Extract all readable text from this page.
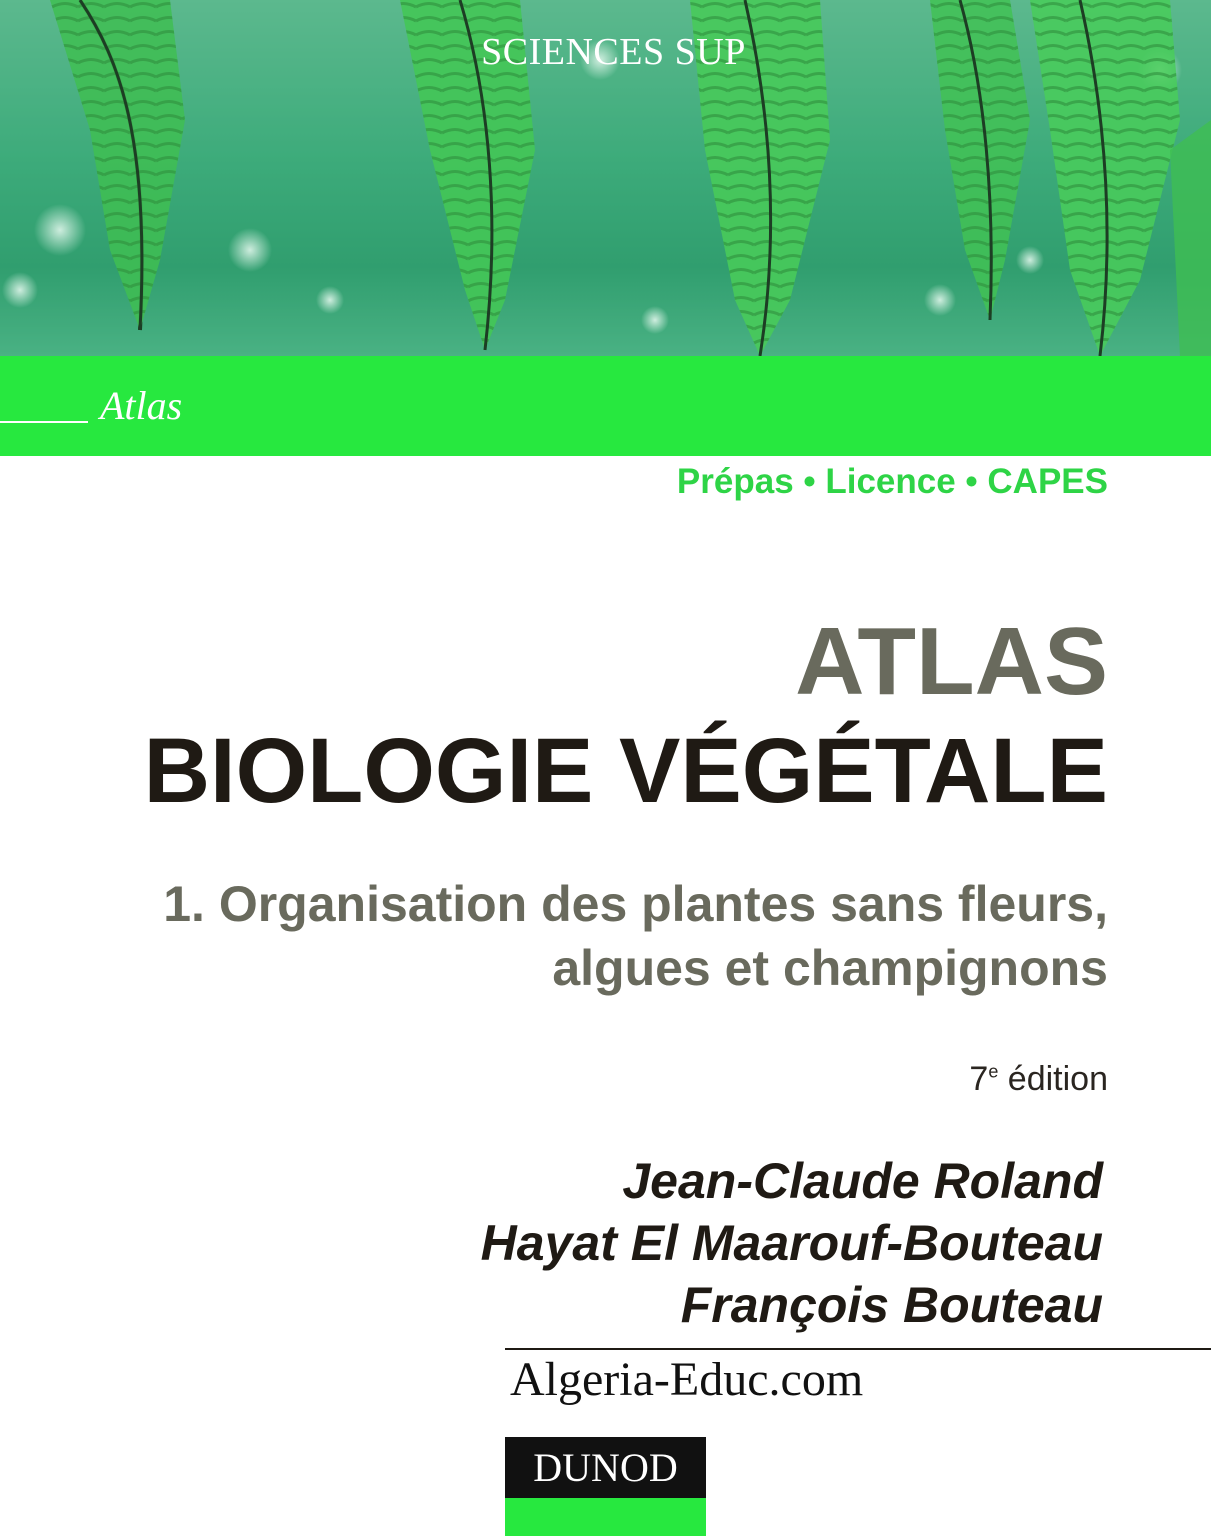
SCIENCES SUP
Atlas
Prépas • Licence • CAPES
ATLAS
BIOLOGIE VÉGÉTALE
1. Organisation des plantes sans fleurs,
algues et champignons
7e édition
Jean-Claude Roland
Hayat El Maarouf-Bouteau
François Bouteau
Algeria-Educ.com
DUNOD
